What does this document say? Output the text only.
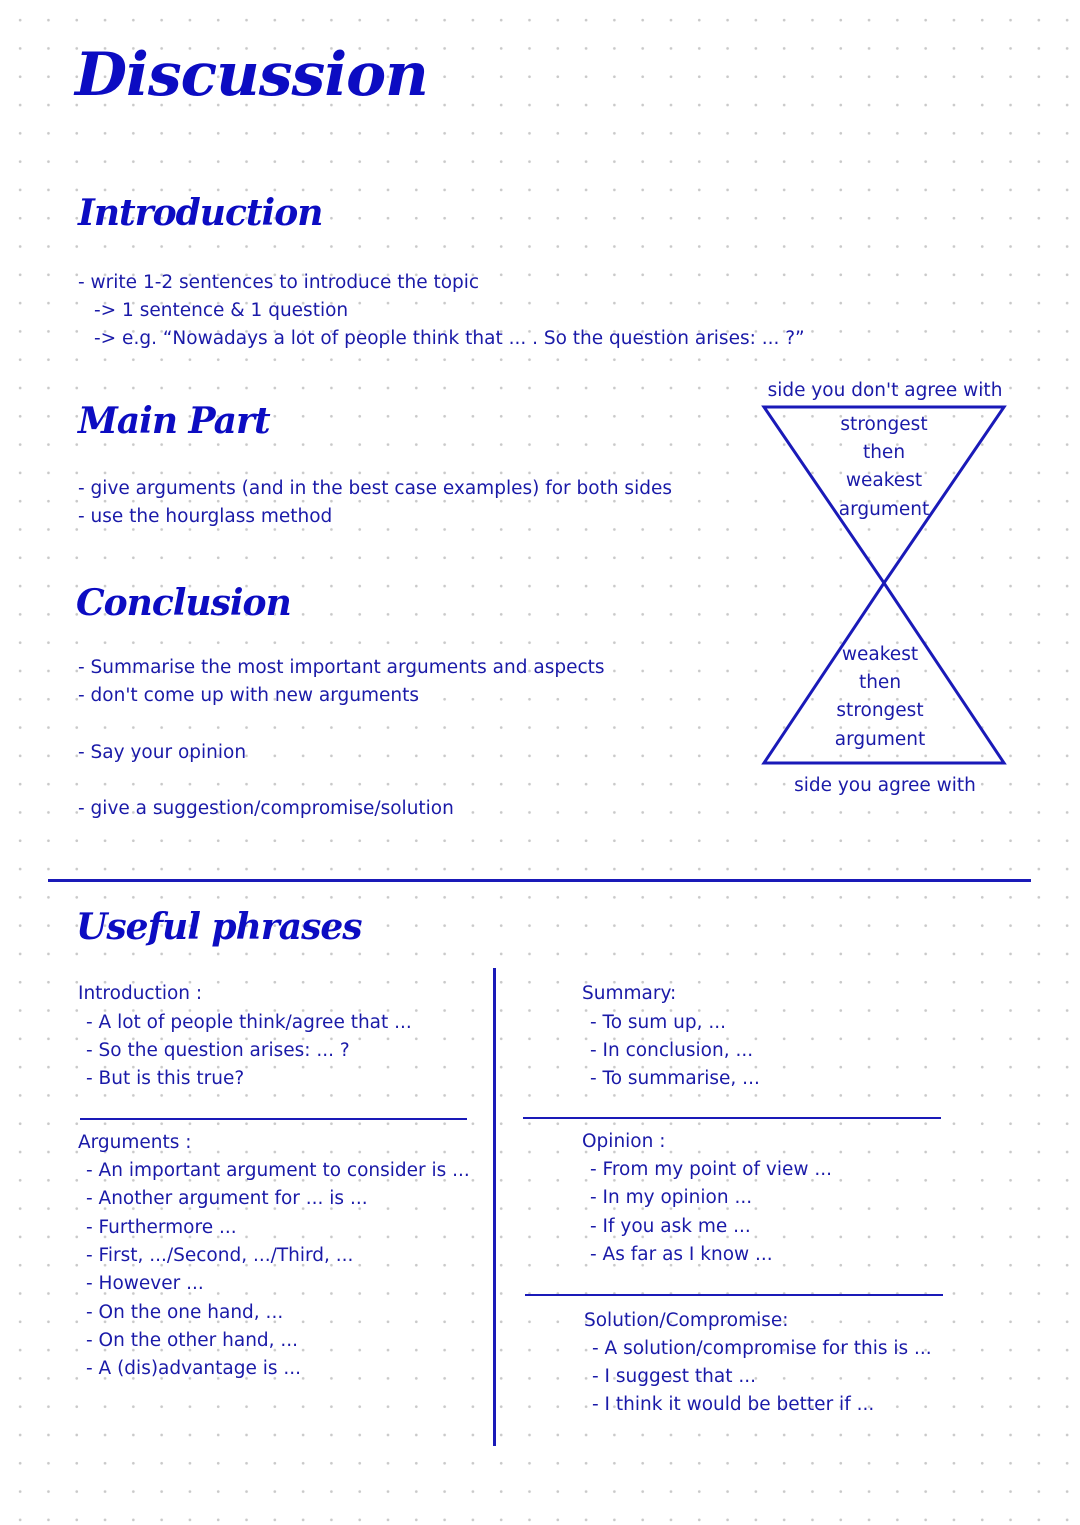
Discussion
Introduction
- write 1-2 sentences to introduce the topic
-> 1 sentence & 1 question
-> e.g. “Nowadays a lot of people think that ... . So the question arises: ... ?”
Main Part
- give arguments (and in the best case examples) for both sides
- use the hourglass method
Conclusion
- Summarise the most important arguments and aspects
- don't come up with new arguments
- Say your opinion
- give a suggestion/compromise/solution
side you don't agree with
strongest
then
weakest
argument
weakest
then
strongest
argument
side you agree with
Useful phrases
Introduction :
- A lot of people think/agree that ...
- So the question arises: ... ?
- But is this true?
Arguments :
- An important argument to consider is ...
- Another argument for ... is ...
- Furthermore ...
- First, .../Second, .../Third, ...
- However ...
- On the one hand, ...
- On the other hand, ...
- A (dis)advantage is ...
Summary:
- To sum up, ...
- In conclusion, ...
- To summarise, ...
Opinion :
- From my point of view ...
- In my opinion ...
- If you ask me ...
- As far as I know ...
Solution/Compromise:
- A solution/compromise for this is ...
- I suggest that ...
- I think it would be better if ...
